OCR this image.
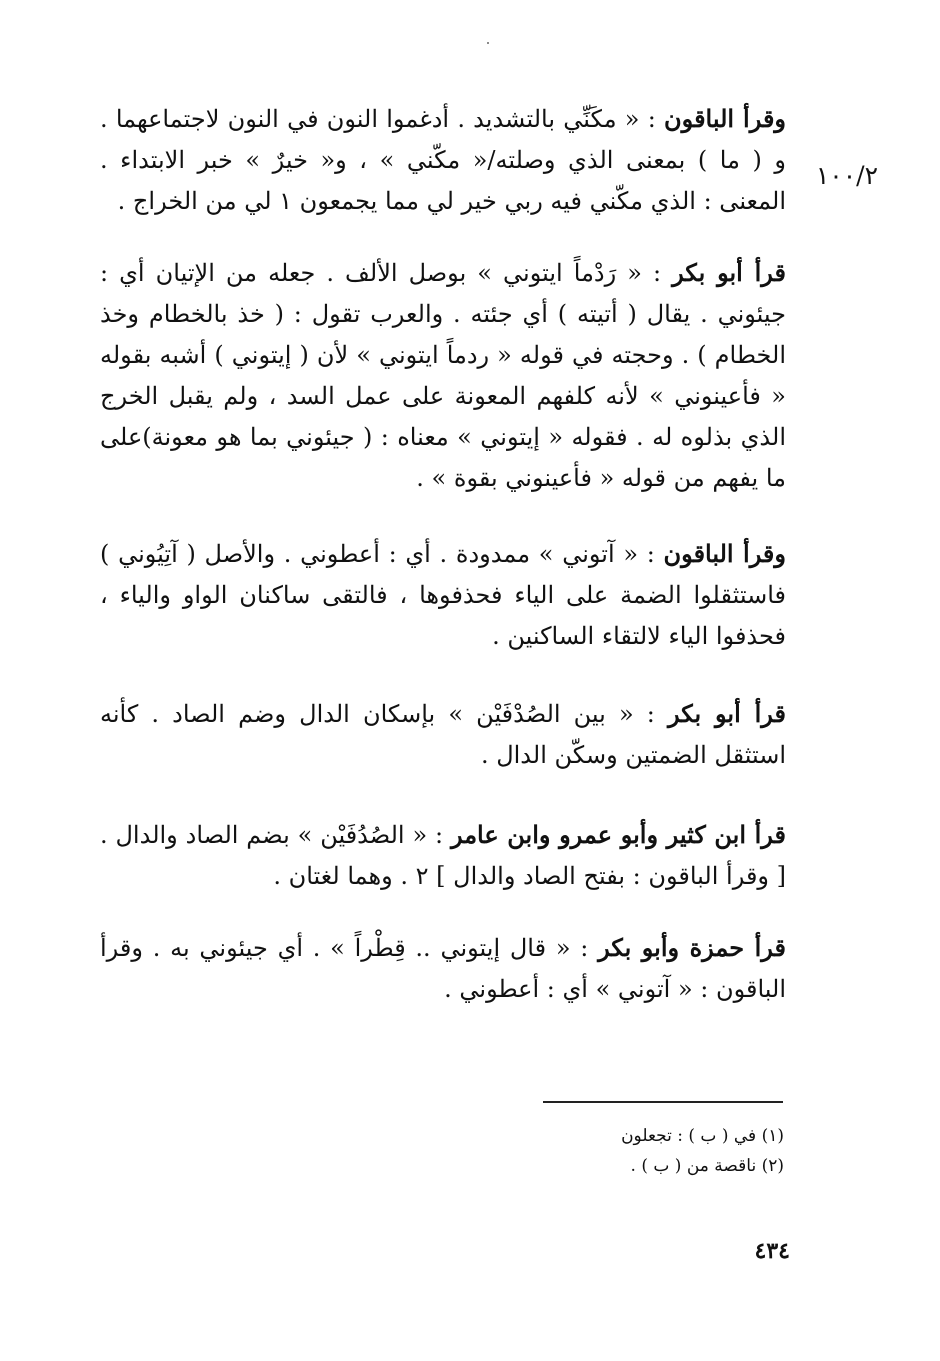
١٠٠/٢

وقرأ الباقون : « مكَنِّي بالتشديد . أدغموا النون في النون لاجتماعهما . و ( ما ) بمعنى الذي وصلته/« مكّني » ، و« خيرٌ » خبر الابتداء . المعنى : الذي مكّني فيه ربي خير لي مما يجمعون ١ لي من الخراج .

قرأ أبو بكر : « رَدْماً ايتوني » بوصل الألف . جعله من الإتيان أي : جيئوني . يقال ( أتيته ) أي جئته . والعرب تقول : ( خذ بالخطام وخذ الخطام ) . وحجته في قوله « ردماً ايتوني » لأن ( إيتوني ) أشبه بقوله « فأعينوني » لأنه كلفهم المعونة على عمل السد ، ولم يقبل الخرج الذي بذلوه له . فقوله « إيتوني » معناه : ( جيئوني بما هو معونة)على ما يفهم من قوله « فأعينوني بقوة » .

وقرأ الباقون : « آتوني » ممدودة . أي : أعطوني . والأصل ( آتِيُوني ) فاستثقلوا الضمة على الياء فحذفوها ، فالتقى ساكنان الواو والياء ، فحذفوا الياء لالتقاء الساكنين .

قرأ أبو بكر : « بين الصُدْفَيْن » بإسكان الدال وضم الصاد . كأنه استثقل الضمتين وسكّن الدال .

قرأ ابن كثير وأبو عمرو وابن عامر : « الصُدُفَيْن » بضم الصاد والدال . [ وقرأ الباقون : بفتح الصاد والدال ] ٢ . وهما لغتان .

قرأ حمزة وأبو بكر : « قال إيتوني .. قِطْراً » . أي جيئوني به . وقرأ الباقون : « آتوني » أي : أعطوني .

(١) في ( ب ) : تجعلون

(٢) ناقصة من ( ب ) .

٤٣٤
